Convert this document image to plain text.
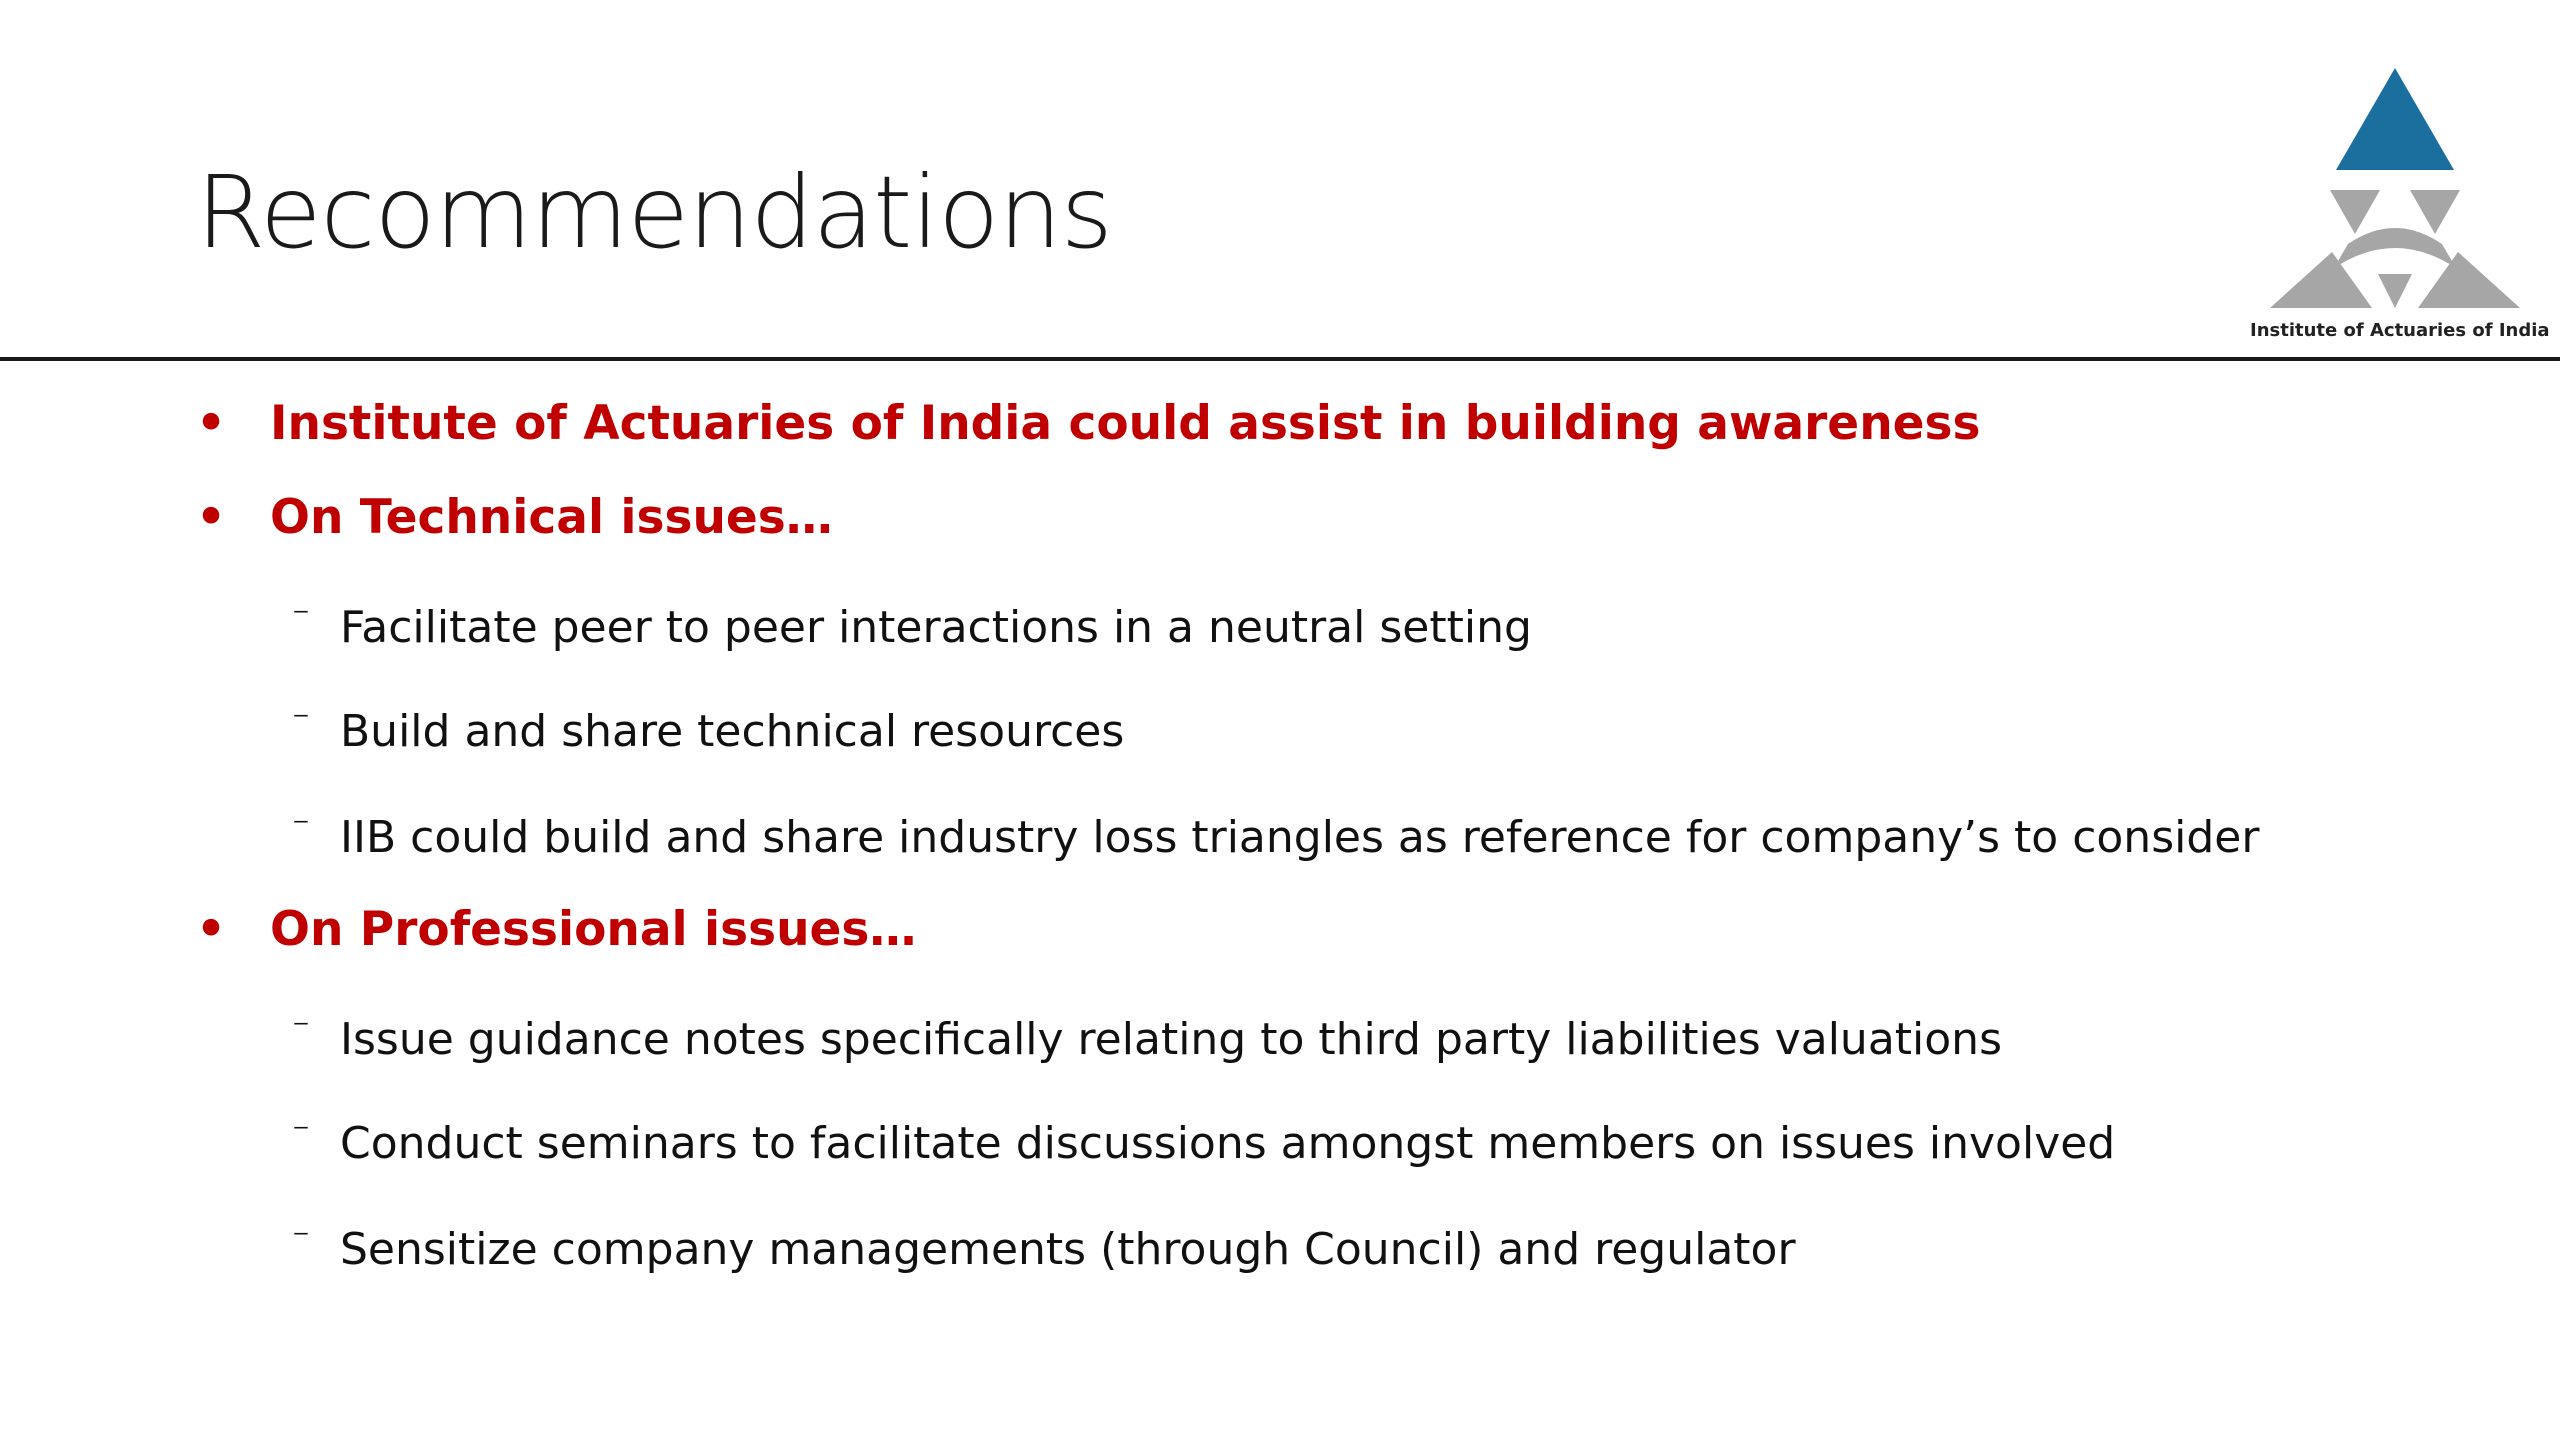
Recommendations
Institute of Actuaries of India
• Institute of Actuaries of India could assist in building awareness
• On Technical issues…
⁻ Facilitate peer to peer interactions in a neutral setting
⁻ Build and share technical resources
⁻ IIB could build and share industry loss triangles as reference for company’s to consider
• On Professional issues…
⁻ Issue guidance notes specifically relating to third party liabilities valuations
⁻ Conduct seminars to facilitate discussions amongst members on issues involved
⁻ Sensitize company managements (through Council) and regulator
